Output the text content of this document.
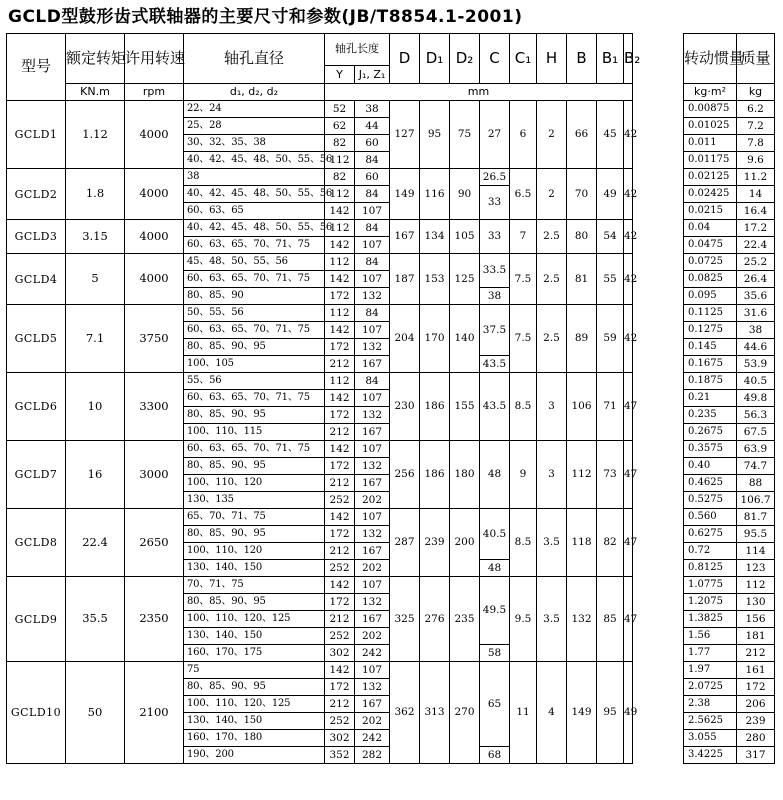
GCLD型鼓形齿式联轴器的主要尺寸和参数(JB/T8854.1-2001)
型号	额定转矩	许用转速	轴孔直径	轴孔长度		D	D₁	D₂	C	C₁	H	B	B₁	B₂		转动惯量	质量
				Y	J₁, Z₁												
	KN.m	rpm	d₁, d₂, d₂	mm												kg·m²	kg
GCLD1	1.12	4000	22、24	52	38	127	95	75	27	6	2	66	45	42		0.00875	6.2
			25、28	62	44											0.01025	7.2
			30、32、35、38	82	60											0.011	7.8
			40、42、45、48、50、55、56	112	84											0.01175	9.6
GCLD2	1.8	4000	38	82	60	149	116	90	26.5	6.5	2	70	49	42		0.02125	11.2
			40、42、45、48、50、55、56	112	84				33							0.02425	14
			60、63、65	142	107											0.0215	16.4
GCLD3	3.15	4000	40、42、45、48、50、55、56	112	84	167	134	105	33	7	2.5	80	54	42		0.04	17.2
			60、63、65、70、71、75	142	107											0.0475	22.4
GCLD4	5	4000	45、48、50、55、56	112	84	187	153	125	33.5	7.5	2.5	81	55	42		0.0725	25.2
			60、63、65、70、71、75	142	107											0.0825	26.4
			80、85、90	172	132				38							0.095	35.6
GCLD5	7.1	3750	50、55、56	112	84	204	170	140	37.5	7.5	2.5	89	59	42		0.1125	31.6
			60、63、65、70、71、75	142	107											0.1275	38
			80、85、90、95	172	132											0.145	44.6
			100、105	212	167				43.5							0.1675	53.9
GCLD6	10	3300	55、56	112	84	230	186	155	43.5	8.5	3	106	71	47		0.1875	40.5
			60、63、65、70、71、75	142	107											0.21	49.8
			80、85、90、95	172	132											0.235	56.3
			100、110、115	212	167											0.2675	67.5
GCLD7	16	3000	60、63、65、70、71、75	142	107	256	186	180	48	9	3	112	73	47		0.3575	63.9
			80、85、90、95	172	132											0.40	74.7
			100、110、120	212	167											0.4625	88
			130、135	252	202											0.5275	106.7
GCLD8	22.4	2650	65、70、71、75	142	107	287	239	200	40.5	8.5	3.5	118	82	47		0.560	81.7
			80、85、90、95	172	132											0.6275	95.5
			100、110、120	212	167											0.72	114
			130、140、150	252	202				48							0.8125	123
GCLD9	35.5	2350	70、71、75	142	107	325	276	235	49.5	9.5	3.5	132	85	47		1.0775	112
			80、85、90、95	172	132											1.2075	130
			100、110、120、125	212	167											1.3825	156
			130、140、150	252	202											1.56	181
			160、170、175	302	242				58							1.77	212
GCLD10	50	2100	75	142	107	362	313	270	65	11	4	149	95	49		1.97	161
			80、85、90、95	172	132											2.0725	172
			100、110、120、125	212	167											2.38	206
			130、140、150	252	202											2.5625	239
			160、170、180	302	242											3.055	280
			190、200	352	282				68							3.4225	317
